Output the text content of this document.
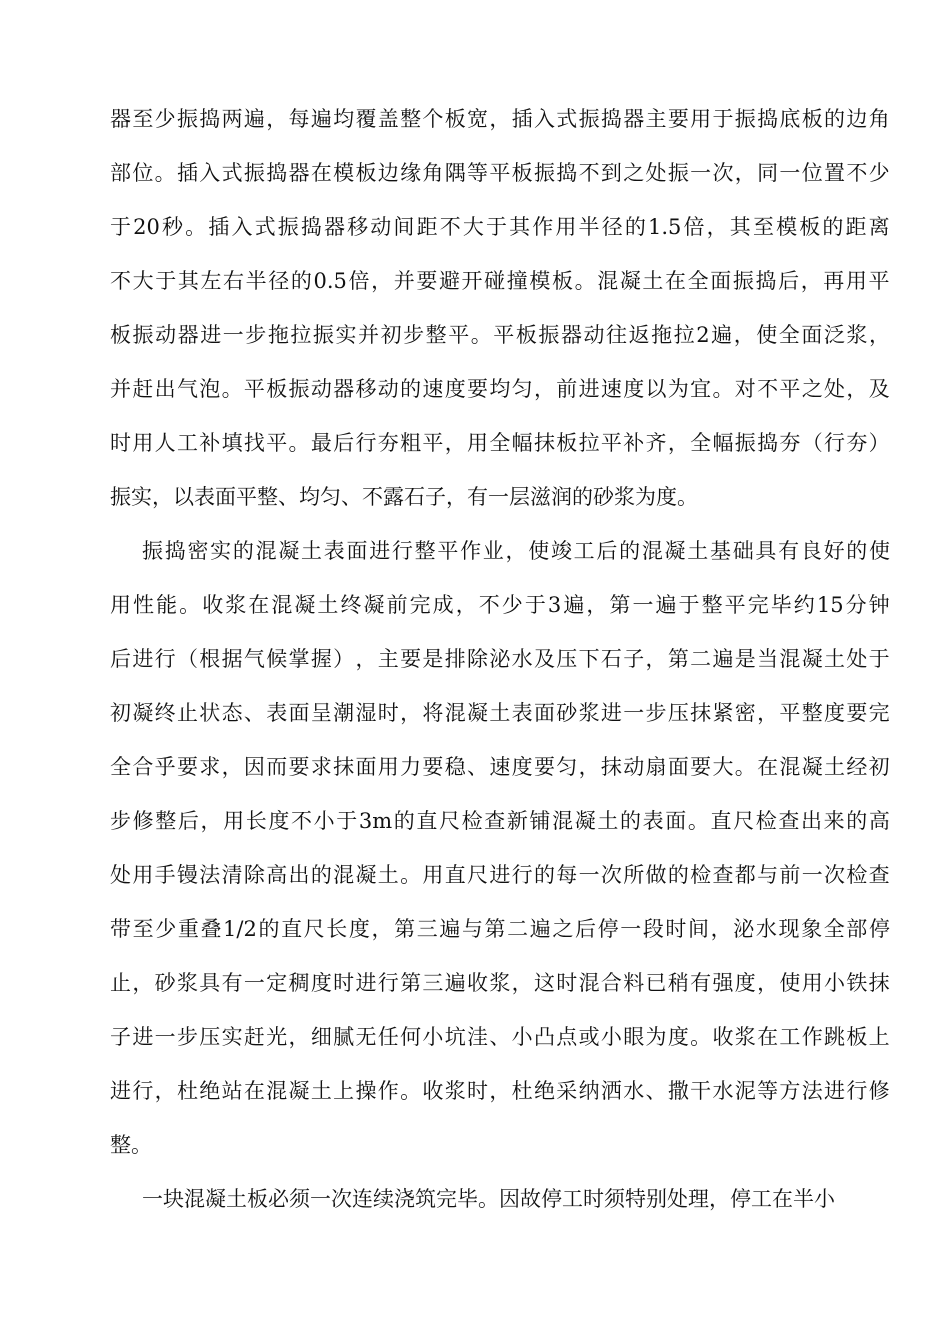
器 至 少 振 捣 两 遍 ， 每 遍 均 覆 盖 整 个 板 宽 ， 插 入 式 振 捣 器 主 要 用 于 振 捣 底 板 的 边 角
部 位 。 插 入 式 振 捣 器 在 模 板 边 缘 角 隅 等 平 板 振 捣 不 到 之 处 振 一 次 ， 同 一 位 置 不 少
于 20 秒 。 插 入 式 振 捣 器 移 动 间 距 不 大 于 其 作 用 半 径 的 1.5 倍 ， 其 至 模 板 的 距 离
不 大 于 其 左 右 半 径 的 0.5 倍 ， 并 要 避 开 碰 撞 模 板 。 混 凝 土 在 全 面 振 捣 后 ， 再 用 平
板 振 动 器 进 一 步 拖 拉 振 实 并 初 步 整 平 。 平 板 振 器 动 往 返 拖 拉 2 遍 ， 使 全 面 泛 浆 ，
并 赶 出 气 泡 。 平 板 振 动 器 移 动 的 速 度 要 均 匀 ， 前 进 速 度 以 为 宜 。 对 不 平 之 处 ， 及
时 用 人 工 补 填 找 平 。 最 后 行 夯 粗 平 ， 用 全 幅 抹 板 拉 平 补 齐 ， 全 幅 振 捣 夯 （ 行 夯 ）
振实，以表面平整、均匀、不露石子，有一层滋润的砂浆为度。
振 捣 密 实 的 混 凝 土 表 面 进 行 整 平 作 业 ， 使 竣 工 后 的 混 凝 土 基 础 具 有 良 好 的 使
用 性 能 。 收 浆 在 混 凝 土 终 凝 前 完 成 ， 不 少 于 3 遍 ， 第 一 遍 于 整 平 完 毕 约 15 分 钟
后 进 行 （ 根 据 气 候 掌 握 ） ， 主 要 是 排 除 泌 水 及 压 下 石 子 ， 第 二 遍 是 当 混 凝 土 处 于
初 凝 终 止 状 态 、 表 面 呈 潮 湿 时 ， 将 混 凝 土 表 面 砂 浆 进 一 步 压 抹 紧 密 ， 平 整 度 要 完
全 合 乎 要 求 ， 因 而 要 求 抹 面 用 力 要 稳 、 速 度 要 匀 ， 抹 动 扇 面 要 大 。 在 混 凝 土 经 初
步 修 整 后 ， 用 长 度 不 小 于 3m 的 直 尺 检 查 新 铺 混 凝 土 的 表 面 。 直 尺 检 查 出 来 的 高
处 用 手 镘 法 清 除 高 出 的 混 凝 土 。 用 直 尺 进 行 的 每 一 次 所 做 的 检 查 都 与 前 一 次 检 查
带 至 少 重 叠 1/2 的 直 尺 长 度 ， 第 三 遍 与 第 二 遍 之 后 停 一 段 时 间 ， 泌 水 现 象 全 部 停
止 ， 砂 浆 具 有 一 定 稠 度 时 进 行 第 三 遍 收 浆 ， 这 时 混 合 料 已 稍 有 强 度 ， 使 用 小 铁 抹
子 进 一 步 压 实 赶 光 ， 细 腻 无 任 何 小 坑 洼 、 小 凸 点 或 小 眼 为 度 。 收 浆 在 工 作 跳 板 上
进 行 ， 杜 绝 站 在 混 凝 土 上 操 作 。 收 浆 时 ， 杜 绝 采 纳 洒 水 、 撒 干 水 泥 等 方 法 进 行 修
整。
一块混凝土板必须一次连续浇筑完毕。因故停工时须特别处理，停工在半小
